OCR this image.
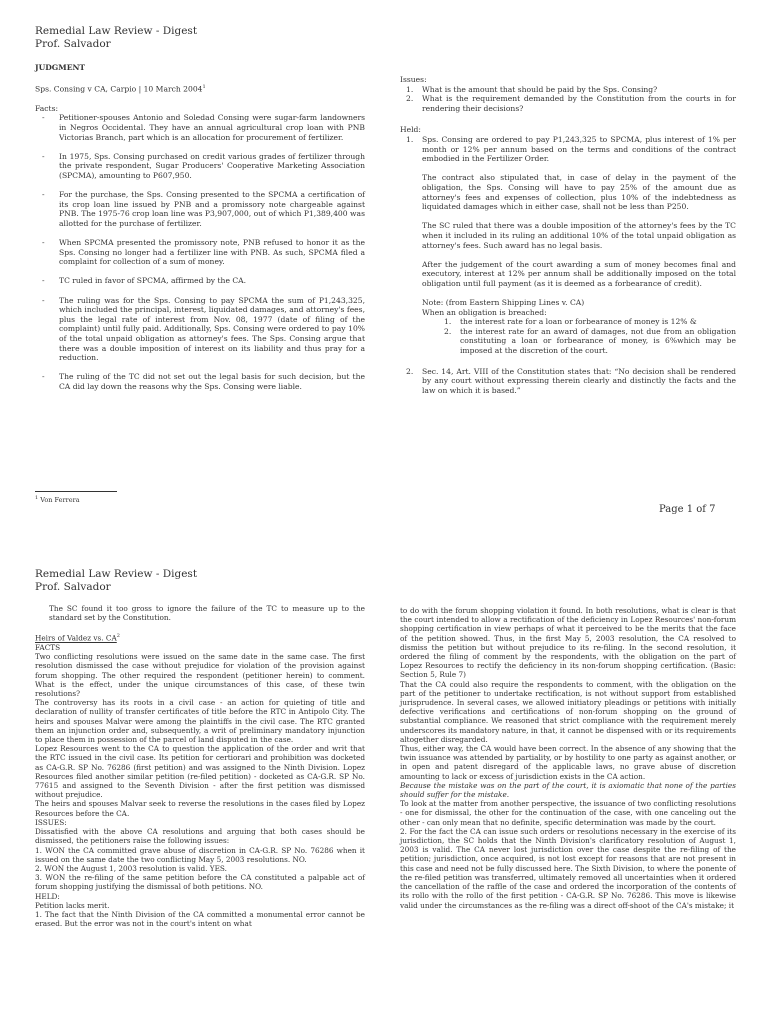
Remedial Law Review - Digest
Prof. Salvador

JUDGMENT

Sps. Consing v CA, Carpio | 10 March 2004$^1$

Facts:

- Petitioner-spouses Antonio and Soledad Consing were sugar-farm landowners in Negros Occidental. They have an annual agricultural crop loan with PNB Victorias Branch, part which is an allocation for procurement of fertilizer.
- In 1975, Sps. Consing purchased on credit various grades of fertilizer through the private respondent, Sugar Producers' Cooperative Marketing Association (SPCMA), amounting to P607,950.
- For the purchase, the Sps. Consing presented to the SPCMA a certification of its crop loan line issued by PNB and a promissory note chargeable against PNB. The 1975-76 crop loan line was P3,907,000, out of which P1,389,400 was allotted for the purchase of fertilizer.
- When SPCMA presented the promissory note, PNB refused to honor it as the Sps. Consing no longer had a fertilizer line with PNB. As such, SPCMA filed a complaint for collection of a sum of money.
- TC ruled in favor of SPCMA, affirmed by the CA.
- The ruling was for the Sps. Consing to pay SPCMA the sum of P1,243,325, which included the principal, interest, liquidated damages, and attorney's fees, plus the legal rate of interest from Nov. 08, 1977 (date of filing of the complaint) until fully paid. Additionally, Sps. Consing were ordered to pay 10% of the total unpaid obligation as attorney's fees. The Sps. Consing argue that there was a double imposition of interest on its liability and thus pray for a reduction.
- The ruling of the TC did not set out the legal basis for such decision, but the CA did lay down the reasons why the Sps. Consing were liable.
$^1$ Von Ferrera

Issues:

1. What is the amount that should be paid by the Sps. Consing?
2. What is the requirement demanded by the Constitution from the courts in for rendering their decisions?

Held:

1. Sps. Consing are ordered to pay P1,243,325 to SPCMA, plus interest of 1% per month or 12% per annum based on the terms and conditions of the contract embodied in the Fertilizer Order.

The contract also stipulated that, in case of delay in the payment of the obligation, the Sps. Consing will have to pay 25% of the amount due as attorney's fees and expenses of collection, plus 10% of the indebtedness as liquidated damages which in either case, shall not be less than P250.

The SC ruled that there was a double imposition of the attorney's fees by the TC when it included in its ruling an additional 10% of the total unpaid obligation as attorney's fees. Such award has no legal basis.

After the judgement of the court awarding a sum of money becomes final and executory, interest at 12% per annum shall be additionally imposed on the total obligation until full payment (as it is deemed as a forbearance of credit).

Note: (from Eastern Shipping Lines v. CA)

When an obligation is breached:

1. the interest rate for a loan or forbearance of money is 12% &
2. the interest rate for an award of damages, not due from an obligation constituting a loan or forbearance of money, is 6%which may be imposed at the discretion of the court.
2. Sec. 14, Art. VIII of the Constitution states that: “No decision shall be rendered by any court without expressing therein clearly and distinctly the facts and the law on which it is based.”
Page 1 of 7
Remedial Law Review - Digest
Prof. Salvador

The SC found it too gross to ignore the failure of the TC to measure up to the standard set by the Constitution.

Heirs of Valdez vs. $CA^2$

FACTS

Two conflicting resolutions were issued on the same date in the same case. The first resolution dismissed the case without prejudice for violation of the provision against forum shopping. The other required the respondent (petitioner herein) to comment. What is the effect, under the unique circumstances of this case, of these twin resolutions?

The controversy has its roots in a civil case - an action for quieting of title and declaration of nullity of transfer certificates of title before the RTC in Antipolo City. The heirs and spouses Malvar were among the plaintiffs in the civil case. The RTC granted them an injunction order and, subsequently, a writ of preliminary mandatory injunction to place them in possession of the parcel of land disputed in the case.

Lopez Resources went to the CA to question the application of the order and writ that the RTC issued in the civil case. Its petition for certiorari and prohibition was docketed as CA-G.R. SP No. 76286 (first petition) and was assigned to the Ninth Division. Lopez Resources filed another similar petition (re-filed petition) - docketed as CA-G.R. SP No. 77615 and assigned to the Seventh Division - after the first petition was dismissed without prejudice.

The heirs and spouses Malvar seek to reverse the resolutions in the cases filed by Lopez Resources before the CA.

ISSUES:

Dissatisfied with the above CA resolutions and arguing that both cases should be dismissed, the petitioners raise the following issues:

1. WON the CA committed grave abuse of discretion in CA-G.R. SP No. 76286 when it issued on the same date the two conflicting May 5, 2003 resolutions. NO.

2. WON the August 1, 2003 resolution is valid. YES.

3. WON the re-filing of the same petition before the CA constituted a palpable act of forum shopping justifying the dismissal of both petitions. NO.

HELD:

Petition lacks merit.

1. The fact that the Ninth Division of the CA committed a monumental error cannot be erased. But the error was not in the court's intent on what

to do with the forum shopping violation it found. In both resolutions, what is clear is that the court intended to allow a rectification of the deficiency in Lopez Resources' non-forum shopping certification in view perhaps of what it perceived to be the merits that the face of the petition showed. Thus, in the first May 5, 2003 resolution, the CA resolved to dismiss the petition but without prejudice to its re-filing. In the second resolution, it ordered the filing of comment by the respondents, with the obligation on the part of Lopez Resources to rectify the deficiency in its non-forum shopping certification. (Basic: Section 5, Rule 7)

That the CA could also require the respondents to comment, with the obligation on the part of the petitioner to undertake rectification, is not without support from established jurisprudence. In several cases, we allowed initiatory pleadings or petitions with initially defective verifications and certifications of non-forum shopping on the ground of substantial compliance. We reasoned that strict compliance with the requirement merely underscores its mandatory nature, in that, it cannot be dispensed with or its requirements altogether disregarded.

Thus, either way, the CA would have been correct. In the absence of any showing that the twin issuance was attended by partiality, or by hostility to one party as against another, or in open and patent disregard of the applicable laws, no grave abuse of discretion amounting to lack or excess of jurisdiction exists in the CA action.

Because the mistake was on the part of the court, it is axiomatic that none of the parties should suffer for the mistake.

To look at the matter from another perspective, the issuance of two conflicting resolutions - one for dismissal, the other for the continuation of the case, with one canceling out the other - can only mean that no definite, specific determination was made by the court.

2. For the fact the CA can issue such orders or resolutions necessary in the exercise of its jurisdiction, the SC holds that the Ninth Division's clarificatory resolution of August 1, 2003 is valid. The CA never lost jurisdiction over the case despite the re-filing of the petition; jurisdiction, once acquired, is not lost except for reasons that are not present in this case and need not be fully discussed here. The Sixth Division, to where the ponente of the re-filed petition was transferred, ultimately removed all uncertainties when it ordered the cancellation of the raffle of the case and ordered the incorporation of the contents of its rollo with the rollo of the first petition - CA-G.R. SP No. 76286. This move is likewise valid under the circumstances as the re-filing was a direct off-shoot of the CA's mistake; it
